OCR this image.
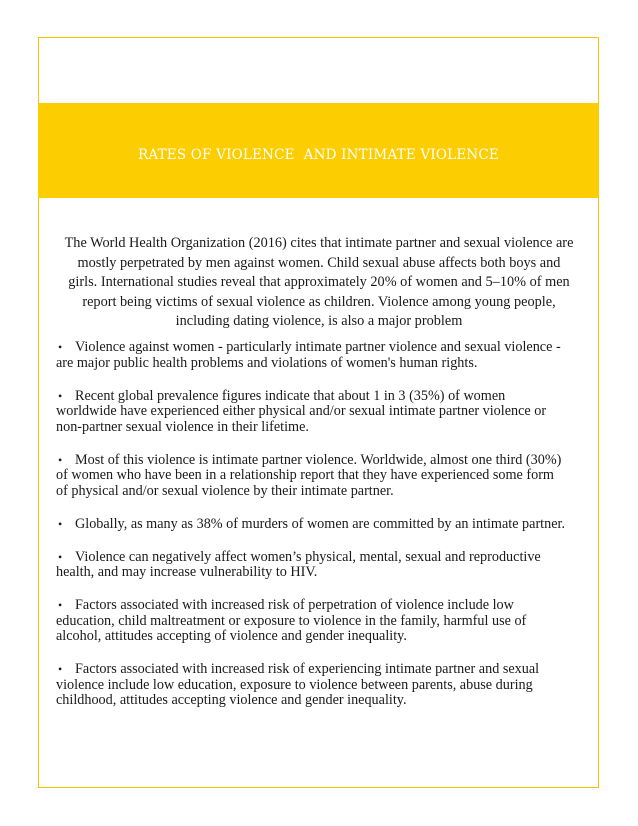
RATES OF VIOLENCE  AND INTIMATE VIOLENCE
The World Health Organization (2016) cites that intimate partner and sexual violence are
mostly perpetrated by men against women. Child sexual abuse affects both boys and
girls. International studies reveal that approximately 20% of women and 5–10% of men
report being victims of sexual violence as children. Violence among young people,
including dating violence, is also a major problem
• Violence against women - particularly intimate partner violence and sexual violence -
are major public health problems and violations of women's human rights.
• Recent global prevalence figures indicate that about 1 in 3 (35%) of women
worldwide have experienced either physical and/or sexual intimate partner violence or
non-partner sexual violence in their lifetime.
• Most of this violence is intimate partner violence. Worldwide, almost one third (30%)
of women who have been in a relationship report that they have experienced some form
of physical and/or sexual violence by their intimate partner.
• Globally, as many as 38% of murders of women are committed by an intimate partner.
• Violence can negatively affect women’s physical, mental, sexual and reproductive
health, and may increase vulnerability to HIV.
• Factors associated with increased risk of perpetration of violence include low
education, child maltreatment or exposure to violence in the family, harmful use of
alcohol, attitudes accepting of violence and gender inequality.
• Factors associated with increased risk of experiencing intimate partner and sexual
violence include low education, exposure to violence between parents, abuse during
childhood, attitudes accepting violence and gender inequality.
